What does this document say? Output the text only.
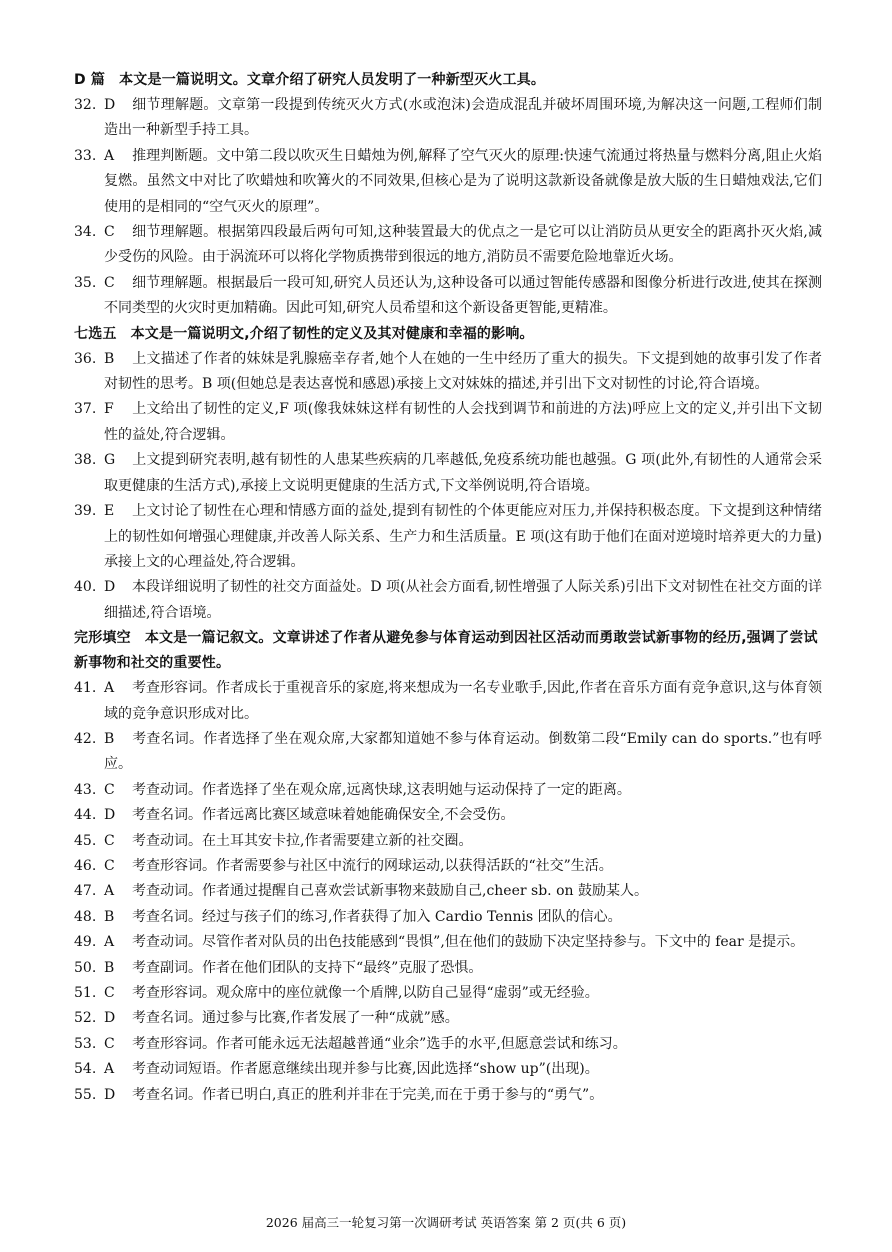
D 篇 本文是一篇说明文。文章介绍了研究人员发明了一种新型灭火工具。
32. D 细节理解题。文章第一段提到传统灭火方式(水或泡沫)会造成混乱并破坏周围环境,为解决这一问题,工程师们制造出一种新型手持工具。
33. A 推理判断题。文中第二段以吹灭生日蜡烛为例,解释了空气灭火的原理:快速气流通过将热量与燃料分离,阻止火焰复燃。虽然文中对比了吹蜡烛和吹篝火的不同效果,但核心是为了说明这款新设备就像是放大版的生日蜡烛戏法,它们使用的是相同的“空气灭火的原理”。
34. C 细节理解题。根据第四段最后两句可知,这种装置最大的优点之一是它可以让消防员从更安全的距离扑灭火焰,减少受伤的风险。由于涡流环可以将化学物质携带到很远的地方,消防员不需要危险地靠近火场。
35. C 细节理解题。根据最后一段可知,研究人员还认为,这种设备可以通过智能传感器和图像分析进行改进,使其在探测不同类型的火灾时更加精确。因此可知,研究人员希望和这个新设备更智能,更精准。
七选五 本文是一篇说明文,介绍了韧性的定义及其对健康和幸福的影响。
36. B 上文描述了作者的妹妹是乳腺癌幸存者,她个人在她的一生中经历了重大的损失。下文提到她的故事引发了作者对韧性的思考。B 项(但她总是表达喜悦和感恩)承接上文对妹妹的描述,并引出下文对韧性的讨论,符合语境。
37. F 上文给出了韧性的定义,F 项(像我妹妹这样有韧性的人会找到调节和前进的方法)呼应上文的定义,并引出下文韧性的益处,符合逻辑。
38. G 上文提到研究表明,越有韧性的人患某些疾病的几率越低,免疫系统功能也越强。G 项(此外,有韧性的人通常会采取更健康的生活方式),承接上文说明更健康的生活方式,下文举例说明,符合语境。
39. E 上文讨论了韧性在心理和情感方面的益处,提到有韧性的个体更能应对压力,并保持积极态度。下文提到这种情绪上的韧性如何增强心理健康,并改善人际关系、生产力和生活质量。E 项(这有助于他们在面对逆境时培养更大的力量)承接上文的心理益处,符合逻辑。
40. D 本段详细说明了韧性的社交方面益处。D 项(从社会方面看,韧性增强了人际关系)引出下文对韧性在社交方面的详细描述,符合语境。
完形填空 本文是一篇记叙文。文章讲述了作者从避免参与体育运动到因社区活动而勇敢尝试新事物的经历,强调了尝试新事物和社交的重要性。
41. A 考查形容词。作者成长于重视音乐的家庭,将来想成为一名专业歌手,因此,作者在音乐方面有竞争意识,这与体育领域的竞争意识形成对比。
42. B 考查名词。作者选择了坐在观众席,大家都知道她不参与体育运动。倒数第二段“Emily can do sports.”也有呼应。
43. C 考查动词。作者选择了坐在观众席,远离快球,这表明她与运动保持了一定的距离。
44. D 考查名词。作者远离比赛区域意味着她能确保安全,不会受伤。
45. C 考查动词。在土耳其安卡拉,作者需要建立新的社交圈。
46. C 考查形容词。作者需要参与社区中流行的网球运动,以获得活跃的“社交”生活。
47. A 考查动词。作者通过提醒自己喜欢尝试新事物来鼓励自己,cheer sb. on 鼓励某人。
48. B 考查名词。经过与孩子们的练习,作者获得了加入 Cardio Tennis 团队的信心。
49. A 考查动词。尽管作者对队员的出色技能感到“畏惧”,但在他们的鼓励下决定坚持参与。下文中的 fear 是提示。
50. B 考查副词。作者在他们团队的支持下“最终”克服了恐惧。
51. C 考查形容词。观众席中的座位就像一个盾牌,以防自己显得“虚弱”或无经验。
52. D 考查名词。通过参与比赛,作者发展了一种“成就”感。
53. C 考查形容词。作者可能永远无法超越普通“业余”选手的水平,但愿意尝试和练习。
54. A 考查动词短语。作者愿意继续出现并参与比赛,因此选择“show up”(出现)。
55. D 考查名词。作者已明白,真正的胜利并非在于完美,而在于勇于参与的“勇气”。
2026 届高三一轮复习第一次调研考试 英语答案 第 2 页(共 6 页)
